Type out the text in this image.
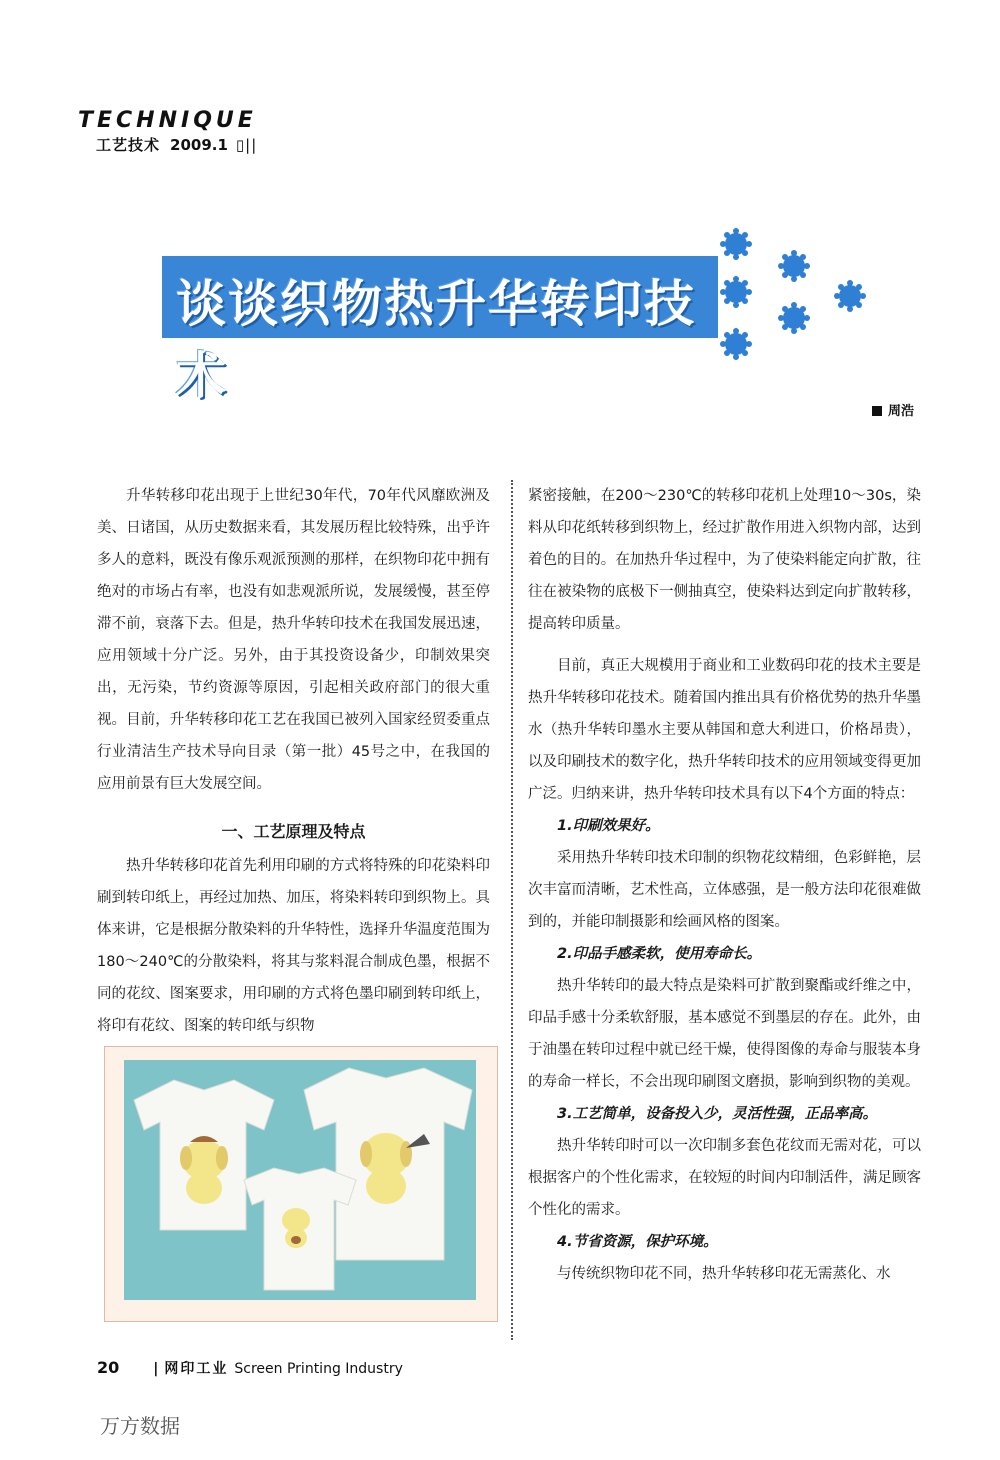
TECHNIQUE
工艺技术 2009.1 ▯||
谈谈织物热升华转印技术
周浩

升华转移印花出现于上世纪30年代，70年代风靡欧洲及美、日诸国，从历史数据来看，其发展历程比较特殊，出乎许多人的意料，既没有像乐观派预测的那样，在织物印花中拥有绝对的市场占有率，也没有如悲观派所说，发展缓慢，甚至停滞不前，衰落下去。但是，热升华转印技术在我国发展迅速，应用领域十分广泛。另外，由于其投资设备少，印制效果突出，无污染，节约资源等原因，引起相关政府部门的很大重视。目前，升华转移印花工艺在我国已被列入国家经贸委重点行业清洁生产技术导向目录（第一批）45号之中，在我国的应用前景有巨大发展空间。

一、工艺原理及特点

热升华转移印花首先利用印刷的方式将特殊的印花染料印刷到转印纸上，再经过加热、加压，将染料转印到织物上。具体来讲，它是根据分散染料的升华特性，选择升华温度范围为180～240℃的分散染料，将其与浆料混合制成色墨，根据不同的花纹、图案要求，用印刷的方式将色墨印刷到转印纸上，将印有花纹、图案的转印纸与织物

紧密接触，在200～230℃的转移印花机上处理10～30s，染料从印花纸转移到织物上，经过扩散作用进入织物内部，达到着色的目的。在加热升华过程中，为了使染料能定向扩散，往往在被染物的底极下一侧抽真空，使染料达到定向扩散转移，提高转印质量。

目前，真正大规模用于商业和工业数码印花的技术主要是热升华转移印花技术。随着国内推出具有价格优势的热升华墨水（热升华转印墨水主要从韩国和意大利进口，价格昂贵），以及印刷技术的数字化，热升华转印技术的应用领域变得更加广泛。归纳来讲，热升华转印技术具有以下4个方面的特点：

1.印刷效果好。

采用热升华转印技术印制的织物花纹精细，色彩鲜艳，层次丰富而清晰，艺术性高，立体感强，是一般方法印花很难做到的，并能印制摄影和绘画风格的图案。

2.印品手感柔软，使用寿命长。

热升华转印的最大特点是染料可扩散到聚酯或纤维之中，印品手感十分柔软舒服，基本感觉不到墨层的存在。此外，由于油墨在转印过程中就已经干燥，使得图像的寿命与服装本身的寿命一样长，不会出现印刷图文磨损，影响到织物的美观。

3.工艺简单，设备投入少，灵活性强，正品率高。

热升华转印时可以一次印制多套色花纹而无需对花，可以根据客户的个性化需求，在较短的时间内印制活件，满足顾客个性化的需求。

4.节省资源，保护环境。

与传统织物印花不同，热升华转移印花无需蒸化、水

20 | 网印工业 Screen Printing Industry
万方数据
